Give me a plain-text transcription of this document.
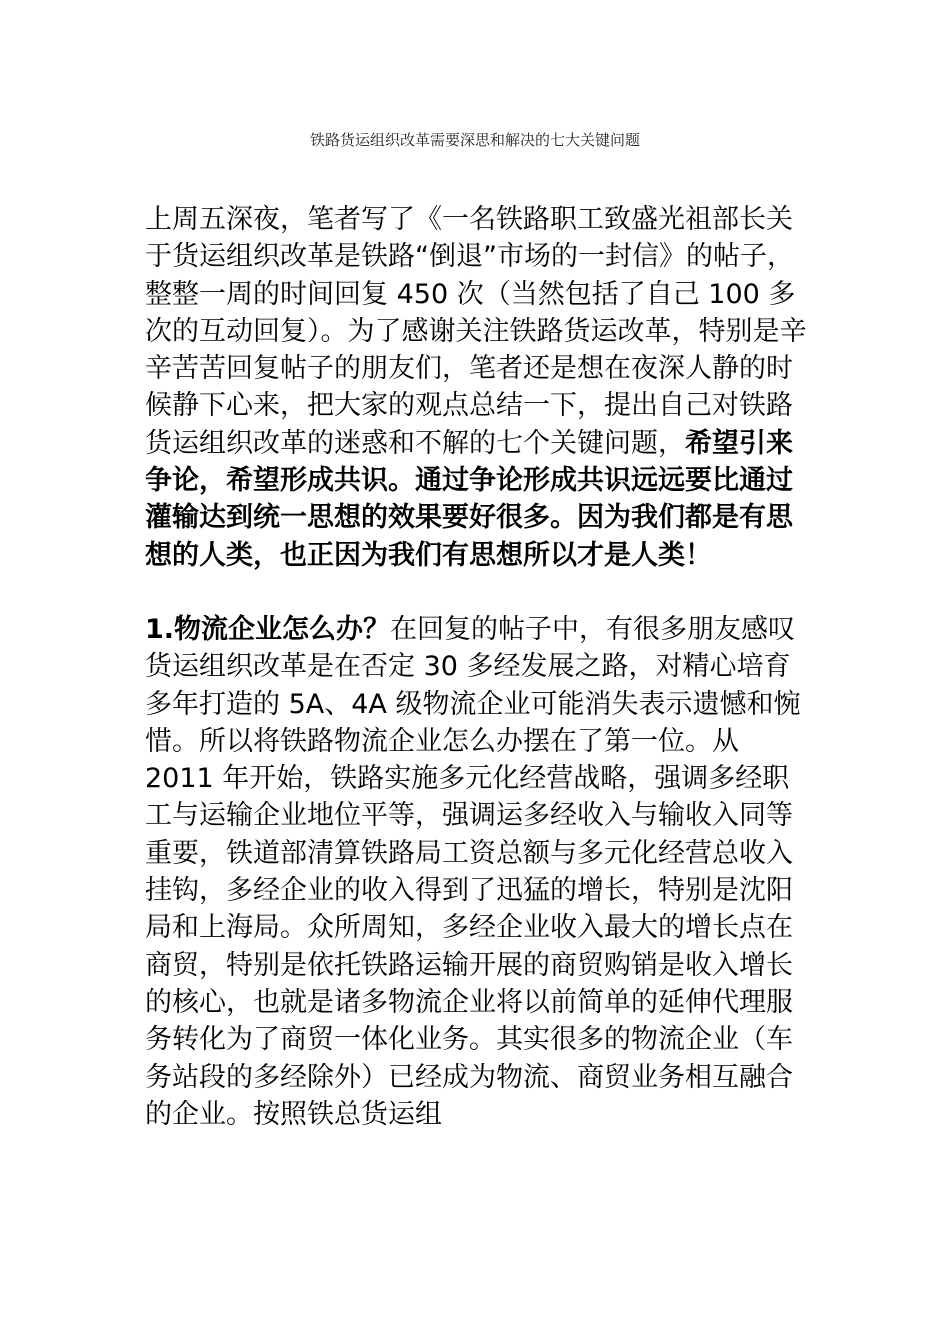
铁路货运组织改革需要深思和解决的七大关键问题

上周五深夜，笔者写了《一名铁路职工致盛光祖部长关于货运组织改革是铁路“倒退”市场的一封信》的帖子，整整一周的时间回复 450 次（当然包括了自己 100 多次的互动回复）。为了感谢关注铁路货运改革，特别是辛辛苦苦回复帖子的朋友们，笔者还是想在夜深人静的时候静下心来，把大家的观点总结一下，提出自己对铁路货运组织改革的迷惑和不解的七个关键问题，希望引来争论，希望形成共识。通过争论形成共识远远要比通过灌输达到统一思想的效果要好很多。因为我们都是有思想的人类，也正因为我们有思想所以才是人类！

1.物流企业怎么办？在回复的帖子中，有很多朋友感叹货运组织改革是在否定 30 多经发展之路，对精心培育多年打造的 5A、4A 级物流企业可能消失表示遗憾和惋惜。所以将铁路物流企业怎么办摆在了第一位。从 2011 年开始，铁路实施多元化经营战略，强调多经职工与运输企业地位平等，强调运多经收入与输收入同等重要，铁道部清算铁路局工资总额与多元化经营总收入挂钩，多经企业的收入得到了迅猛的增长，特别是沈阳局和上海局。众所周知，多经企业收入最大的增长点在商贸，特别是依托铁路运输开展的商贸购销是收入增长的核心，也就是诸多物流企业将以前简单的延伸代理服务转化为了商贸一体化业务。其实很多的物流企业（车务站段的多经除外）已经成为物流、商贸业务相互融合的企业。按照铁总货运组
